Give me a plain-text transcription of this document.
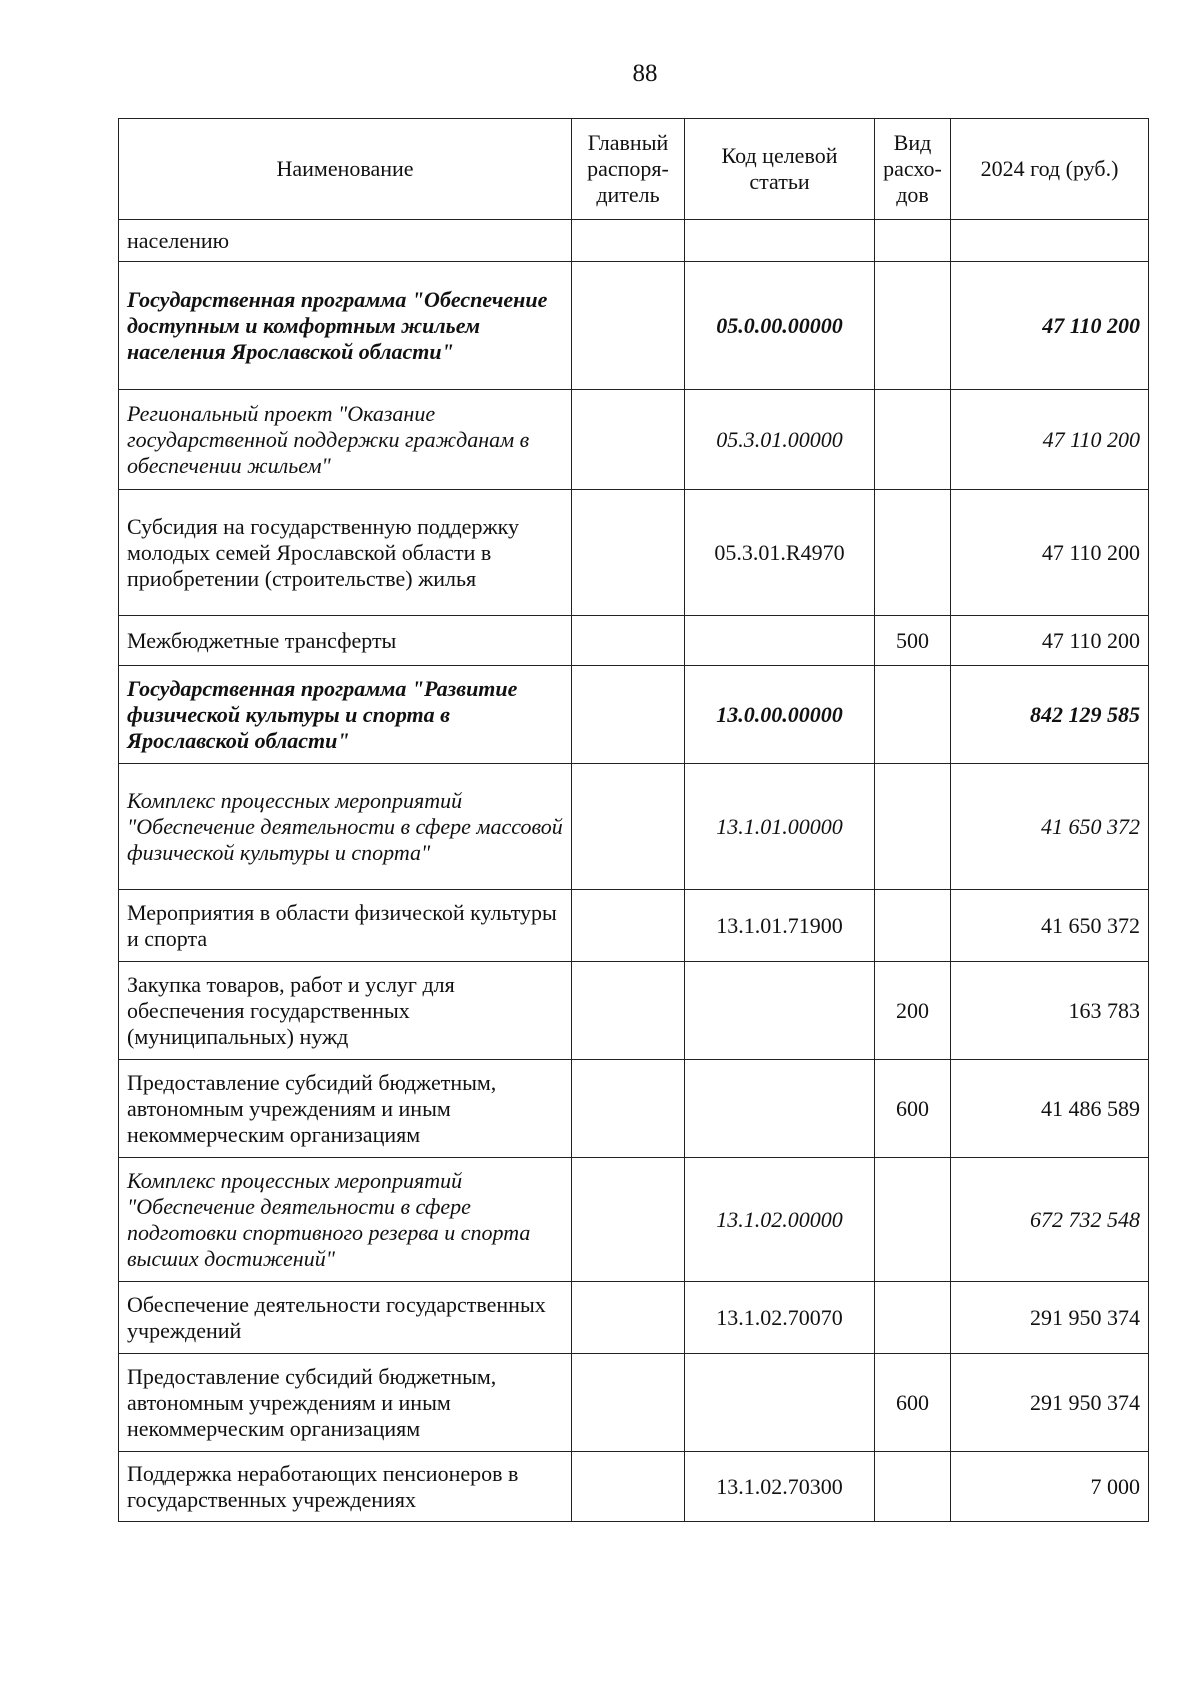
88
Наименование	Главный распоря-дитель	Код целевой статьи	Вид расхо-дов	2024 год (руб.)
населению				
Государственная программа "Обеспечение доступным и комфортным жильем населения Ярославской области"		05.0.00.00000		47 110 200
Региональный проект "Оказание государственной поддержки гражданам в обеспечении жильем"		05.3.01.00000		47 110 200
Субсидия на государственную поддержку молодых семей Ярославской области в приобретении (строительстве) жилья		05.3.01.R4970		47 110 200
Межбюджетные трансферты			500	47 110 200
Государственная программа "Развитие физической культуры и спорта в Ярославской области"		13.0.00.00000		842 129 585
Комплекс процессных мероприятий "Обеспечение деятельности в сфере массовой физической культуры и спорта"		13.1.01.00000		41 650 372
Мероприятия в области физической культуры и спорта		13.1.01.71900		41 650 372
Закупка товаров, работ и услуг для обеспечения государственных (муниципальных) нужд			200	163 783
Предоставление субсидий бюджетным, автономным учреждениям и иным некоммерческим организациям			600	41 486 589
Комплекс процессных мероприятий "Обеспечение деятельности в сфере подготовки спортивного резерва и спорта высших достижений"		13.1.02.00000		672 732 548
Обеспечение деятельности государственных учреждений		13.1.02.70070		291 950 374
Предоставление субсидий бюджетным, автономным учреждениям и иным некоммерческим организациям			600	291 950 374
Поддержка неработающих пенсионеров в государственных учреждениях		13.1.02.70300		7 000
